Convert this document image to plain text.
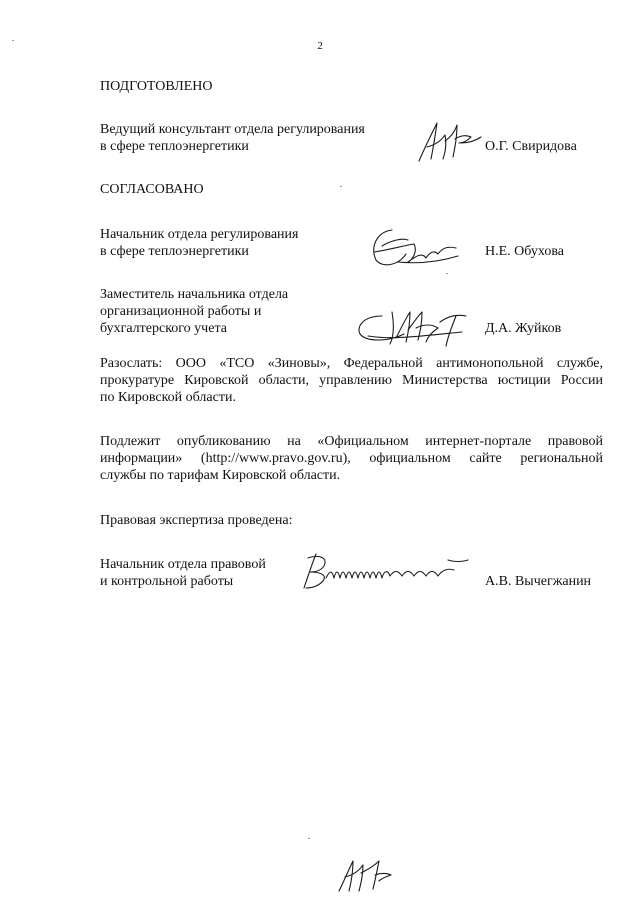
2
ПОДГОТОВЛЕНО
Ведущий консультант отдела регулирования
в сфере теплоэнергетики	О.Г. Свиридова
СОГЛАСОВАНО
Начальник отдела регулирования
в сфере теплоэнергетики	Н.Е. Обухова
Заместитель начальника отдела
организационной работы и
бухгалтерского учета	Д.А. Жуйков
Разослать: ООО «ТСО «Зиновы», Федеральной антимонопольной службе,
прокуратуре Кировской области, управлению Министерства юстиции России
по Кировской области.
Подлежит опубликованию на «Официальном интернет-портале правовой
информации» (http://www.pravo.gov.ru), официальном сайте региональной
службы по тарифам Кировской области.
Правовая экспертиза проведена:
Начальник отдела правовой
и контрольной работы	А.В. Вычегжанин
